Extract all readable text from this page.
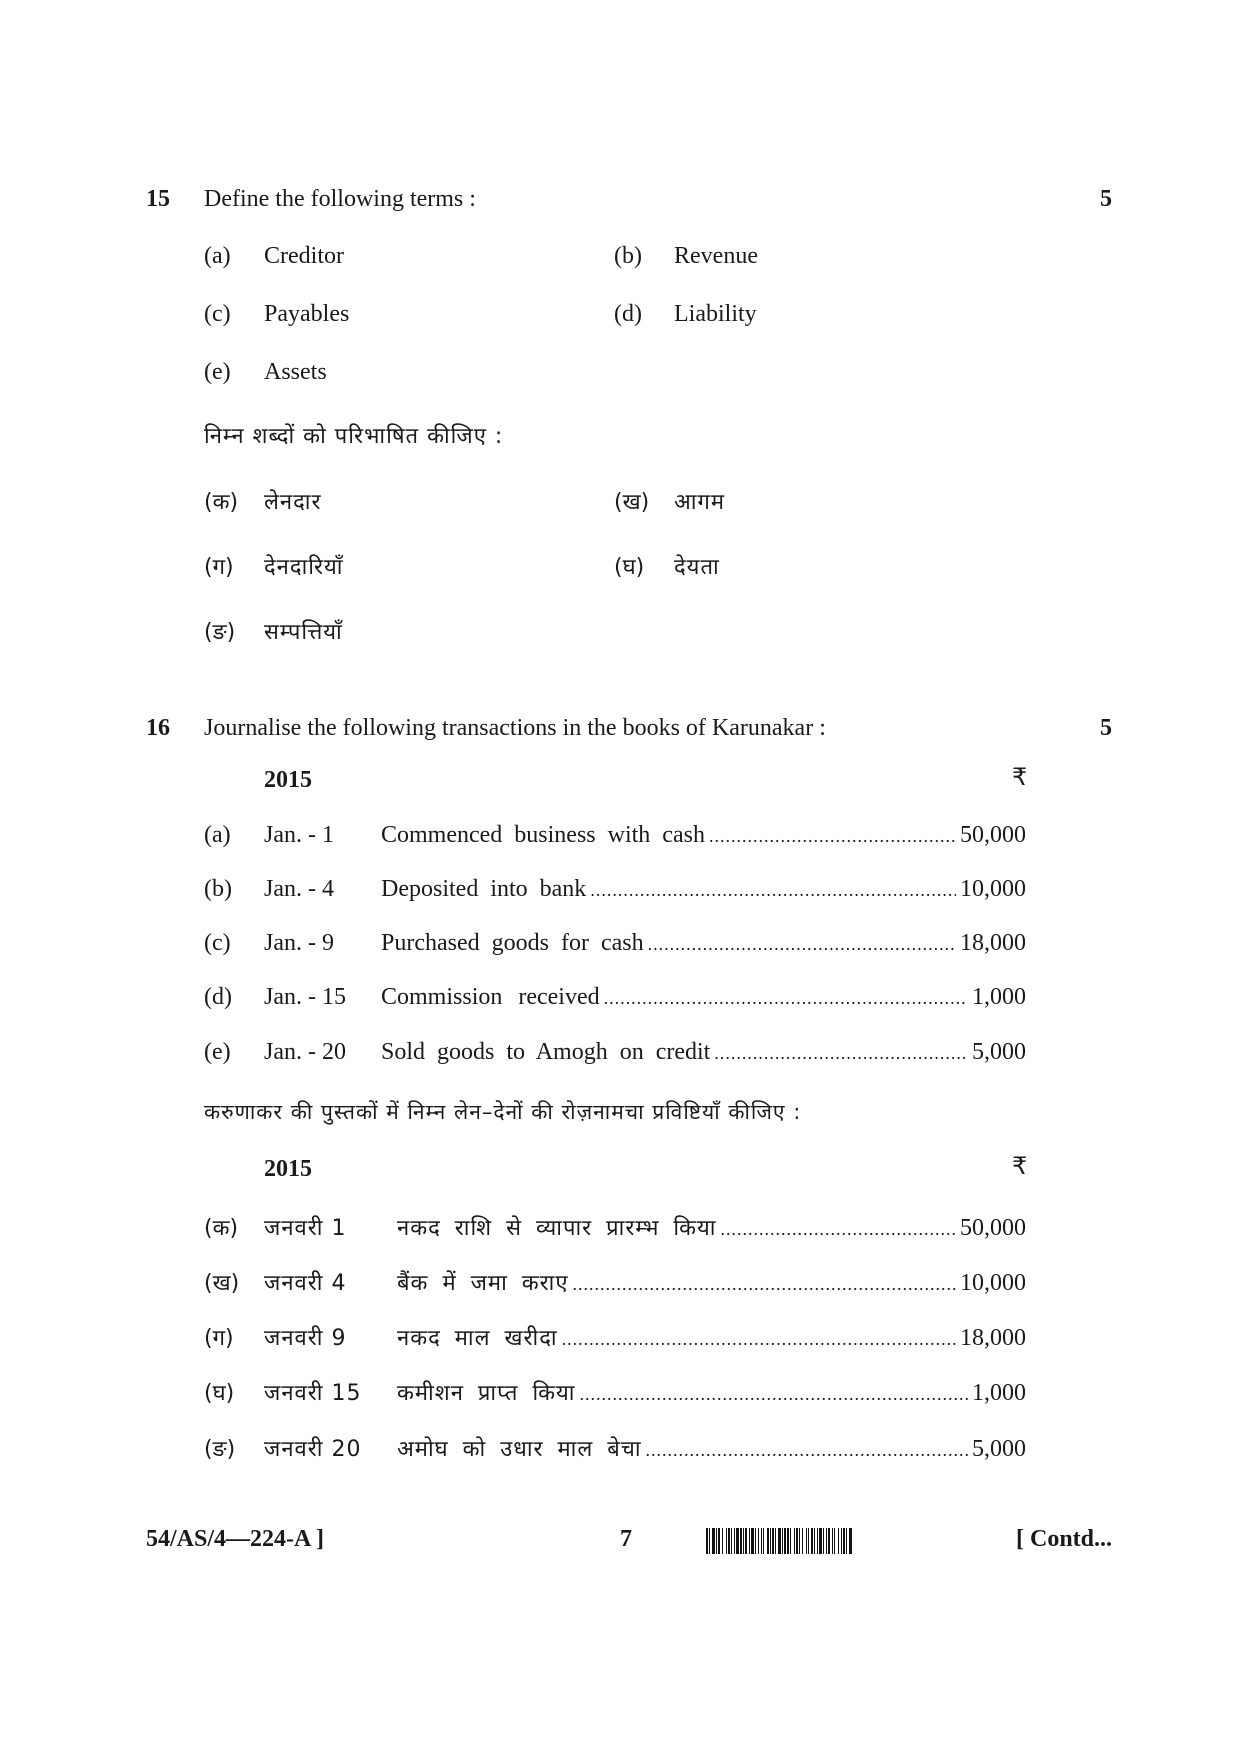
15 Define the following terms :	5
(a) Creditor	(b) Revenue
(c) Payables	(d) Liability
(e) Assets
निम्न शब्दों को परिभाषित कीजिए :
(क) लेनदार	(ख) आगम
(ग) देनदारियाँ	(घ) देयता
(ङ) सम्पत्तियाँ
16 Journalise the following transactions in the books of Karunakar :	5
2015	₹
(a)	Jan. - 1	Commenced business with cash .....	50,000
(b)	Jan. - 4	Deposited into bank .....	10,000
(c)	Jan. - 9	Purchased goods for cash .....	18,000
(d)	Jan. - 15	Commission received .....	1,000
(e)	Jan. - 20	Sold goods to Amogh on credit .....	5,000
करुणाकर की पुस्तकों में निम्न लेन–देनों की रोज़नामचा प्रविष्टियाँ कीजिए :
2015	₹
(क)	जनवरी 1	नकद राशि से व्यापार प्रारम्भ किया .....	50,000
(ख)	जनवरी 4	बैंक में जमा कराए .....	10,000
(ग)	जनवरी 9	नकद माल खरीदा .....	18,000
(घ)	जनवरी 15	कमीशन प्राप्त किया .....	1,000
(ङ)	जनवरी 20	अमोघ को उधार माल बेचा .....	5,000
54/AS/4—224-A ]	7	[ Contd...
